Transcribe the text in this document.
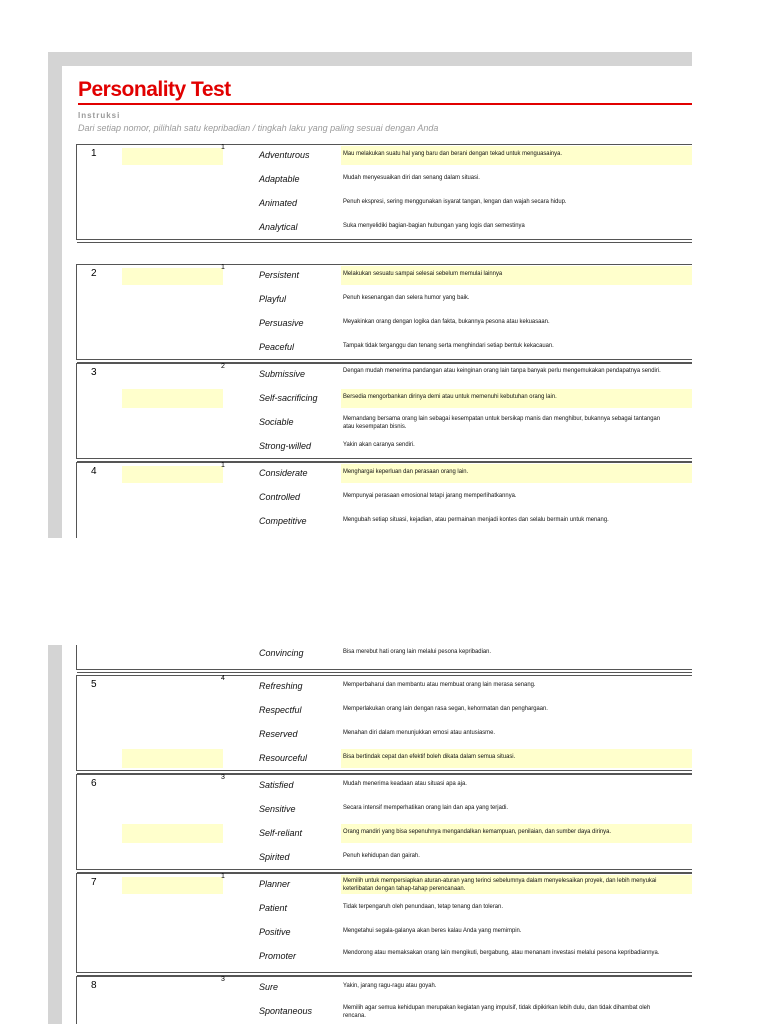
Personality Test
Instruksi
Dari setiap nomor, pilihlah satu kepribadian / tingkah laku yang paling sesuai dengan Anda
1
1
Adventurous	Mau melakukan suatu hal yang baru dan berani dengan tekad untuk menguasainya.
Adaptable	Mudah menyesuaikan diri dan senang dalam situasi.
Animated	Penuh ekspresi, sering menggunakan isyarat tangan, lengan dan wajah secara hidup.
Analytical	Suka menyelidiki bagian-bagian hubungan yang logis dan semestinya
2
1
Persistent	Melakukan sesuatu sampai selesai sebelum memulai lainnya
Playful	Penuh kesenangan dan selera humor yang baik.
Persuasive	Meyakinkan orang dengan logika dan fakta, bukannya pesona atau kekuasaan.
Peaceful	Tampak tidak terganggu dan tenang serta menghindari setiap bentuk kekacauan.
3
2
Submissive	Dengan mudah menerima pandangan atau keinginan orang lain tanpa banyak perlu mengemukakan pendapatnya sendiri.
Self-sacrificing	Bersedia mengorbankan dirinya demi atau untuk memenuhi kebutuhan orang lain.
Sociable	Memandang bersama orang lain sebagai kesempatan untuk bersikap manis dan menghibur, bukannya sebagai tantangan atau kesempatan bisnis.
Strong-willed	Yakin akan caranya sendiri.
4
1
Considerate	Menghargai keperluan dan perasaan orang lain.
Controlled	Mempunyai perasaan emosional tetapi jarang memperlihatkannya.
Competitive	Mengubah setiap situasi, kejadian, atau permainan menjadi kontes dan selalu bermain untuk menang.
Convincing	Bisa merebut hati orang lain melalui pesona kepribadian.
5
4
Refreshing	Memperbaharui dan membantu atau membuat orang lain merasa senang.
Respectful	Memperlakukan orang lain dengan rasa segan, kehormatan dan penghargaan.
Reserved	Menahan diri dalam menunjukkan emosi atau antusiasme.
Resourceful	Bisa bertindak cepat dan efektif boleh dikata dalam semua situasi.
6
3
Satisfied	Mudah menerima keadaan atau situasi apa aja.
Sensitive	Secara intensif memperhatikan orang lain dan apa yang terjadi.
Self-reliant	Orang mandiri yang bisa sepenuhnya mengandalkan kemampuan, penilaian, dan sumber daya dirinya.
Spirited	Penuh kehidupan dan gairah.
7
1
Planner	Memilih untuk mempersiapkan aturan-aturan yang terinci sebelumnya dalam menyelesaikan proyek, dan lebih menyukai keterlibatan dengan tahap-tahap perencanaan.
Patient	Tidak terpengaruh oleh penundaan, tetap tenang dan toleran.
Positive	Mengetahui segala-galanya akan beres kalau Anda yang memimpin.
Promoter	Mendorong atau memaksakan orang lain mengikuti, bergabung, atau menanam investasi melalui pesona kepribadiannya.
8
3
Sure	Yakin, jarang ragu-ragu atau goyah.
Spontaneous	Memilih agar semua kehidupan merupakan kegiatan yang impulsif, tidak dipikirkan lebih dulu, dan tidak dihambat oleh rencana.
